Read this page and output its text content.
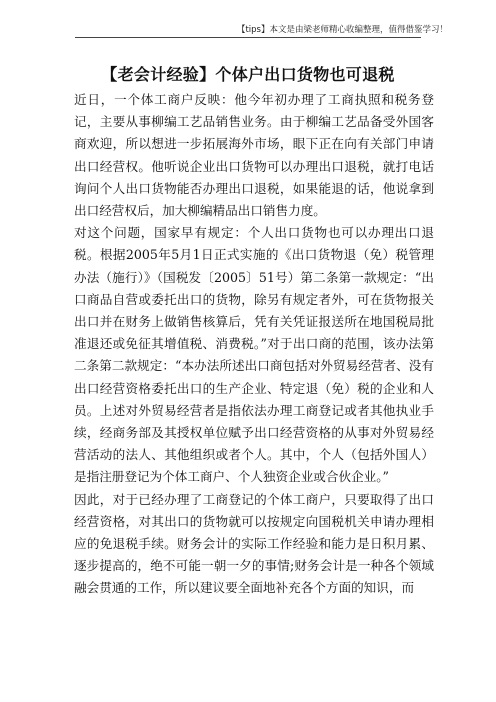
【tips】本文是由梁老师精心收编整理，值得借鉴学习！
【老会计经验】个体户出口货物也可退税

近日，一个体工商户反映：他今年初办理了工商执照和税务登记，主要从事柳编工艺品销售业务。由于柳编工艺品备受外国客商欢迎，所以想进一步拓展海外市场，眼下正在向有关部门申请出口经营权。他听说企业出口货物可以办理出口退税，就打电话询问个人出口货物能否办理出口退税，如果能退的话，他说拿到出口经营权后，加大柳编精品出口销售力度。

对这个问题，国家早有规定：个人出口货物也可以办理出口退税。根据2005年5月1日正式实施的《出口货物退（免）税管理办法（施行）》（国税发〔2005〕51号）第二条第一款规定：“出口商品自营或委托出口的货物，除另有规定者外，可在货物报关出口并在财务上做销售核算后，凭有关凭证报送所在地国税局批准退还或免征其增值税、消费税。”对于出口商的范围，该办法第二条第二款规定：“本办法所述出口商包括对外贸易经营者、没有出口经营资格委托出口的生产企业、特定退（免）税的企业和人员。上述对外贸易经营者是指依法办理工商登记或者其他执业手续，经商务部及其授权单位赋予出口经营资格的从事对外贸易经营活动的法人、其他组织或者个人。其中，个人（包括外国人）是指注册登记为个体工商户、个人独资企业或合伙企业。”

因此，对于已经办理了工商登记的个体工商户，只要取得了出口经营资格，对其出口的货物就可以按规定向国税机关申请办理相应的免退税手续。财务会计的实际工作经验和能力是日积月累、逐步提高的，绝不可能一朝一夕的事情;财务会计是一种各个领域融会贯通的工作，所以建议要全面地补充各个方面的知识，而
